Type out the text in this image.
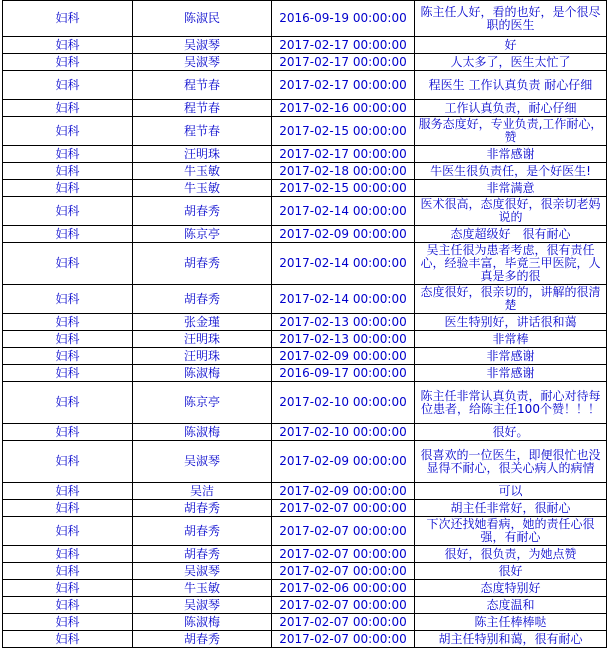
妇科	陈淑民	2016-09-19 00:00:00	陈主任人好，看的也好，是个很尽职的医生
妇科	吴淑琴	2017-02-17 00:00:00	好
妇科	吴淑琴	2017-02-17 00:00:00	人太多了，医生太忙了
妇科	程节春	2017-02-17 00:00:00	程医生 工作认真负责 耐心仔细
妇科	程节春	2017-02-16 00:00:00	工作认真负责，耐心仔细
妇科	程节春	2017-02-15 00:00:00	服务态度好，专业负责,工作耐心，赞
妇科	汪明珠	2017-02-17 00:00:00	非常感谢
妇科	牛玉敏	2017-02-18 00:00:00	牛医生很负责任，是个好医生!
妇科	牛玉敏	2017-02-15 00:00:00	非常满意
妇科	胡春秀	2017-02-14 00:00:00	医术很高，态度很好，很亲切老妈说的
妇科	陈京亭	2017-02-09 00:00:00	态度超级好　很有耐心
妇科	胡春秀	2017-02-14 00:00:00	吴主任很为患者考虑，很有责任心，经验丰富，毕竟三甲医院，人真是多的很
妇科	胡春秀	2017-02-14 00:00:00	态度很好，很亲切的，讲解的很清楚
妇科	张金瑾	2017-02-13 00:00:00	医生特别好，讲话很和蔼
妇科	汪明珠	2017-02-13 00:00:00	非常棒
妇科	汪明珠	2017-02-09 00:00:00	非常感谢
妇科	陈淑梅	2016-09-17 00:00:00	非常感谢
妇科	陈京亭	2017-02-10 00:00:00	陈主任非常认真负责，耐心对待每位患者，给陈主任100个赞！！！
妇科	陈淑梅	2017-02-10 00:00:00	很好。
妇科	吴淑琴	2017-02-09 00:00:00	很喜欢的一位医生，即便很忙也没显得不耐心，很关心病人的病情
妇科	吴洁	2017-02-09 00:00:00	可以
妇科	胡春秀	2017-02-07 00:00:00	胡主任非常好，很耐心
妇科	胡春秀	2017-02-07 00:00:00	下次还找她看病，她的责任心很强，有耐心
妇科	胡春秀	2017-02-07 00:00:00	很好，很负责，为她点赞
妇科	吴淑琴	2017-02-07 00:00:00	很好
妇科	牛玉敏	2017-02-06 00:00:00	态度特别好
妇科	吴淑琴	2017-02-07 00:00:00	态度温和
妇科	陈淑梅	2017-02-07 00:00:00	陈主任棒棒哒
妇科	胡春秀	2017-02-07 00:00:00	胡主任特别和蔼，很有耐心
